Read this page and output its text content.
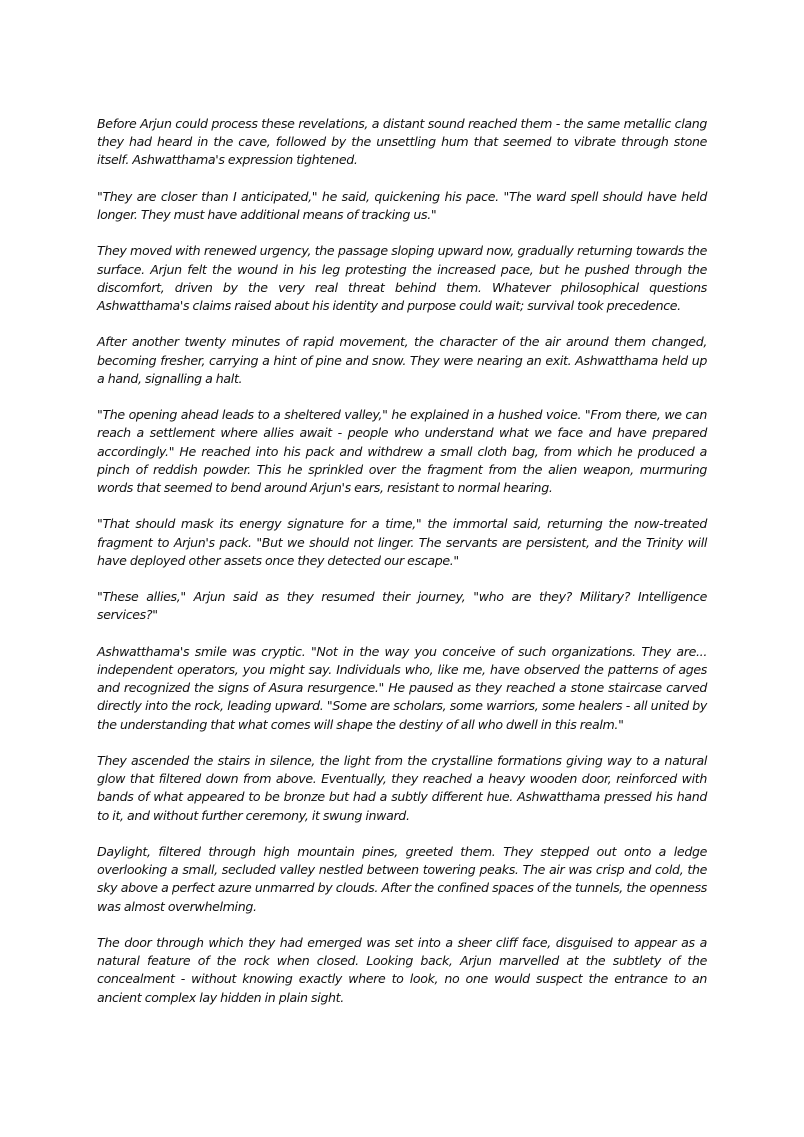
Before Arjun could process these revelations, a distant sound reached them - the same metallic clang they had heard in the cave, followed by the unsettling hum that seemed to vibrate through stone itself. Ashwatthama's expression tightened.

"They are closer than I anticipated," he said, quickening his pace. "The ward spell should have held longer. They must have additional means of tracking us."

They moved with renewed urgency, the passage sloping upward now, gradually returning towards the surface. Arjun felt the wound in his leg protesting the increased pace, but he pushed through the discomfort, driven by the very real threat behind them. Whatever philosophical questions Ashwatthama's claims raised about his identity and purpose could wait; survival took precedence.

After another twenty minutes of rapid movement, the character of the air around them changed, becoming fresher, carrying a hint of pine and snow. They were nearing an exit. Ashwatthama held up a hand, signalling a halt.

"The opening ahead leads to a sheltered valley," he explained in a hushed voice. "From there, we can reach a settlement where allies await - people who understand what we face and have prepared accordingly." He reached into his pack and withdrew a small cloth bag, from which he produced a pinch of reddish powder. This he sprinkled over the fragment from the alien weapon, murmuring words that seemed to bend around Arjun's ears, resistant to normal hearing.

"That should mask its energy signature for a time," the immortal said, returning the now-treated fragment to Arjun's pack. "But we should not linger. The servants are persistent, and the Trinity will have deployed other assets once they detected our escape."

"These allies," Arjun said as they resumed their journey, "who are they? Military? Intelligence services?"

Ashwatthama's smile was cryptic. "Not in the way you conceive of such organizations. They are... independent operators, you might say. Individuals who, like me, have observed the patterns of ages and recognized the signs of Asura resurgence." He paused as they reached a stone staircase carved directly into the rock, leading upward. "Some are scholars, some warriors, some healers - all united by the understanding that what comes will shape the destiny of all who dwell in this realm."

They ascended the stairs in silence, the light from the crystalline formations giving way to a natural glow that filtered down from above. Eventually, they reached a heavy wooden door, reinforced with bands of what appeared to be bronze but had a subtly different hue. Ashwatthama pressed his hand to it, and without further ceremony, it swung inward.

Daylight, filtered through high mountain pines, greeted them. They stepped out onto a ledge overlooking a small, secluded valley nestled between towering peaks. The air was crisp and cold, the sky above a perfect azure unmarred by clouds. After the confined spaces of the tunnels, the openness was almost overwhelming.

The door through which they had emerged was set into a sheer cliff face, disguised to appear as a natural feature of the rock when closed. Looking back, Arjun marvelled at the subtlety of the concealment - without knowing exactly where to look, no one would suspect the entrance to an ancient complex lay hidden in plain sight.
